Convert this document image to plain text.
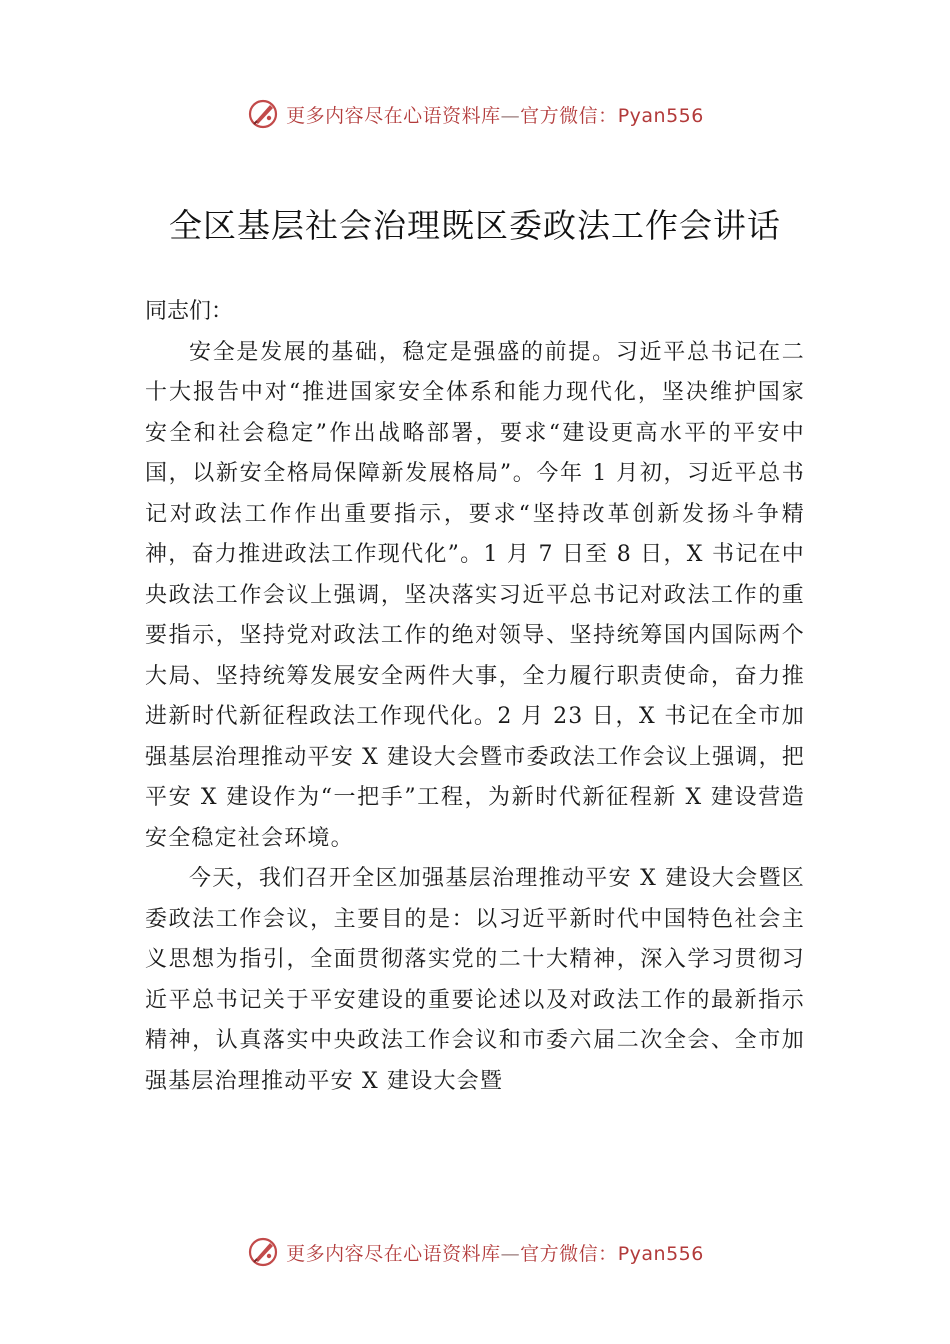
更多内容尽在心语资料库—官方微信：Pyan556
全区基层社会治理既区委政法工作会讲话

同志们：

安全是发展的基础，稳定是强盛的前提。习近平总书记在二十大报告中对“推进国家安全体系和能力现代化，坚决维护国家安全和社会稳定”作出战略部署，要求“建设更高水平的平安中国，以新安全格局保障新发展格局”。今年 1 月初，习近平总书记对政法工作作出重要指示，要求“坚持改革创新发扬斗争精神，奋力推进政法工作现代化”。1 月 7 日至 8 日，X 书记在中央政法工作会议上强调，坚决落实习近平总书记对政法工作的重要指示，坚持党对政法工作的绝对领导、坚持统筹国内国际两个大局、坚持统筹发展安全两件大事，全力履行职责使命，奋力推进新时代新征程政法工作现代化。2 月 23 日，X 书记在全市加强基层治理推动平安 X 建设大会暨市委政法工作会议上强调，把平安 X 建设作为“一把手”工程，为新时代新征程新 X 建设营造安全稳定社会环境。

今天，我们召开全区加强基层治理推动平安 X 建设大会暨区委政法工作会议，主要目的是：以习近平新时代中国特色社会主义思想为指引，全面贯彻落实党的二十大精神，深入学习贯彻习近平总书记关于平安建设的重要论述以及对政法工作的最新指示精神，认真落实中央政法工作会议和市委六届二次全会、全市加强基层治理推动平安 X 建设大会暨

更多内容尽在心语资料库—官方微信：Pyan556
